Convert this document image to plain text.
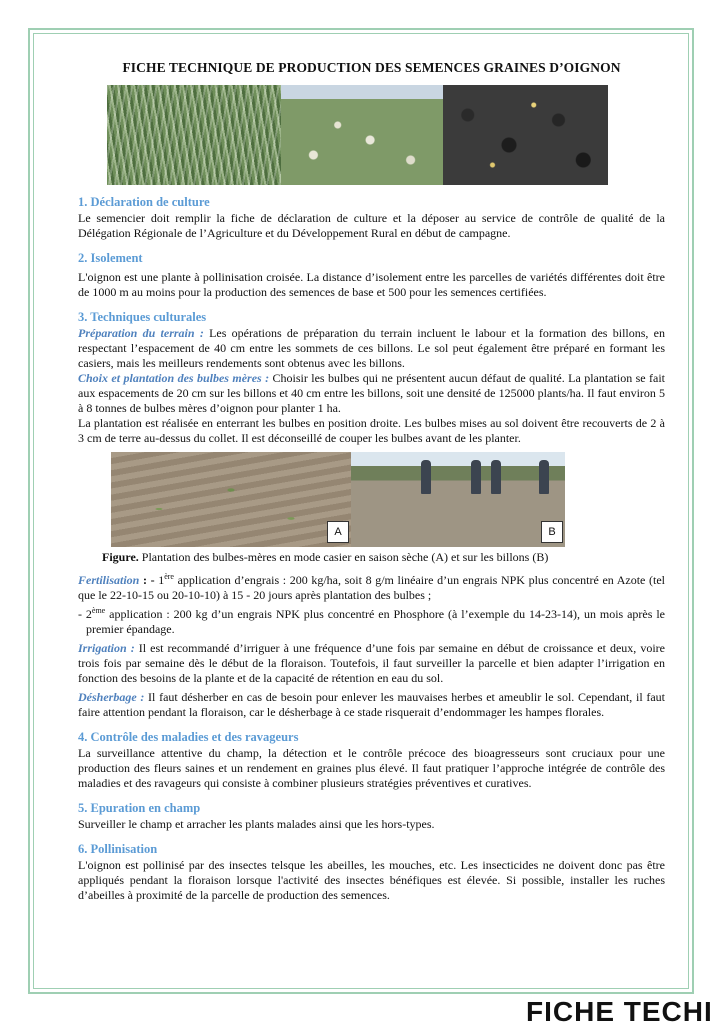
FICHE TECHNIQUE DE PRODUCTION DES SEMENCES GRAINES D’OIGNON
1. Déclaration de culture

Le semencier doit remplir la fiche de déclaration de culture et la déposer au service de contrôle de qualité de la Délégation Régionale de l’Agriculture et du Développement Rural en début de campagne.

2. Isolement

L'oignon est une plante à pollinisation croisée. La distance d’isolement entre les parcelles de variétés différentes doit être de 1000 m au moins pour la production des semences de base et 500 pour les semences certifiées.

3. Techniques culturales

Préparation du terrain : Les opérations de préparation du terrain incluent le labour et la formation des billons, en respectant l’espacement de 40 cm entre les sommets de ces billons. Le sol peut également être préparé en formant les casiers, mais les meilleurs rendements sont obtenus avec les billons.

Choix et plantation des bulbes mères : Choisir les bulbes qui ne présentent aucun défaut de qualité. La plantation se fait aux espacements de 20 cm sur les billons et 40 cm entre les billons, soit une densité de 125000 plants/ha. Il faut environ 5 à 8 tonnes de bulbes mères d’oignon pour planter 1 ha.

La plantation est réalisée en enterrant les bulbes en position droite. Les bulbes mises au sol doivent être recouverts de 2 à 3 cm de terre au-dessus du collet. Il est déconseillé de couper les bulbes avant de les planter.

A	B
Figure. Plantation des bulbes-mères en mode casier en saison sèche (A) et sur les billons (B)

Fertilisation : - 1ère application d’engrais : 200 kg/ha, soit 8 g/m linéaire d’un engrais NPK plus concentré en Azote (tel que le 22-10-15 ou 20-10-10) à 15 - 20 jours après plantation des bulbes ;

- 2ème application : 200 kg d’un engrais NPK plus concentré en Phosphore (à l’exemple du 14-23-14), un mois après le premier épandage.

Irrigation : Il est recommandé d’irriguer à une fréquence d’une fois par semaine en début de croissance et deux, voire trois fois par semaine dès le début de la floraison. Toutefois, il faut surveiller la parcelle et bien adapter l’irrigation en fonction des besoins de la plante et de la capacité de rétention en eau du sol.

Désherbage : Il faut désherber en cas de besoin pour enlever les mauvaises herbes et ameublir le sol. Cependant, il faut faire attention pendant la floraison, car le désherbage à ce stade risquerait d’endommager les hampes florales.

4. Contrôle des maladies et des ravageurs

La surveillance attentive du champ, la détection et le contrôle précoce des bioagresseurs sont cruciaux pour une production des fleurs saines et un rendement en graines plus élevé. Il faut pratiquer l’approche intégrée de contrôle des maladies et des ravageurs qui consiste à combiner plusieurs stratégies préventives et curatives.

5. Epuration en champ

Surveiller le champ et arracher les plants malades ainsi que les hors-types.

6. Pollinisation

L'oignon est pollinisé par des insectes telsque les abeilles, les mouches, etc. Les insecticides ne doivent donc pas être appliqués pendant la floraison lorsque l'activité des insectes bénéfiques est élevée. Si possible, installer les ruches d’abeilles à proximité de la parcelle de production des semences.

FICHE TECHI
